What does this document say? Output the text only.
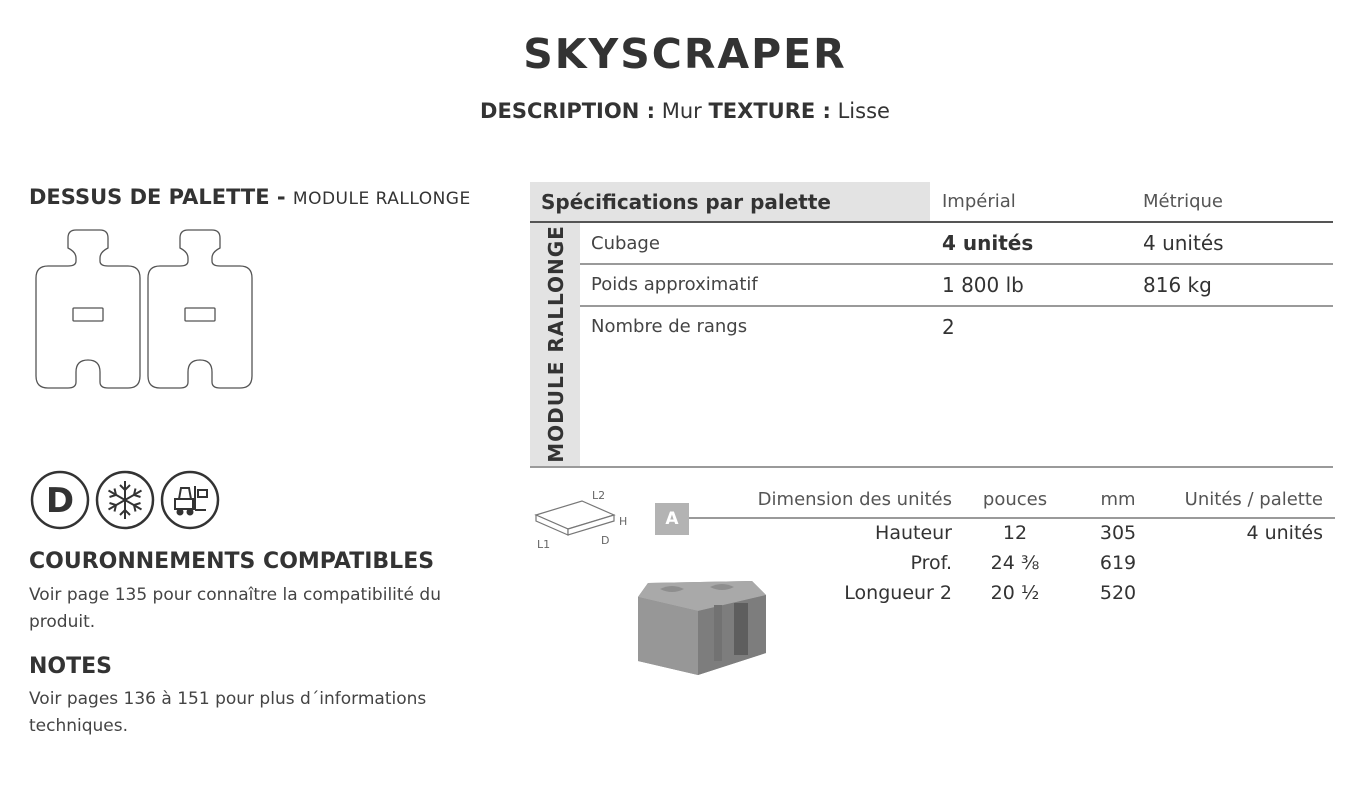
SKYSCRAPER
DESCRIPTION : Mur TEXTURE : Lisse
DESSUS DE PALETTE - MODULE RALLONGE
D
COURONNEMENTS COMPATIBLES
Voir page 135 pour connaître la compatibilité du produit.
NOTES
Voir pages 136 à 151 pour plus d´informations techniques.
Spécifications par palette	Impérial	Métrique
MODULE RALLONGE Cubage	4 unités	4 unités
Poids approximatif	1 800 lb	816 kg
Nombre de rangs	2
L2
H
L1	D
A
Dimension des unités	pouces	mm	Unités / palette
Hauteur	12	305	4 unités
Prof.	24 ⅜	619
Longueur 2	20 ½	520
